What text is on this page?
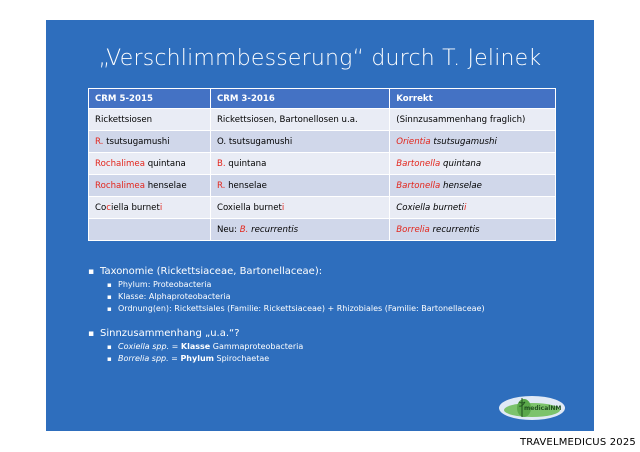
„Verschlimmbesserung“ durch T. Jelinek
CRM 5-2015	CRM 3-2016	Korrekt
Rickettsiosen	Rickettsiosen, Bartonellosen u.a.	(Sinnzusammenhang fraglich)
R. tsutsugamushi	O. tsutsugamushi	Orientia tsutsugamushi
Rochalimea quintana	B. quintana	Bartonella quintana
Rochalimea henselae	R. henselae	Bartonella henselae
Cociella burneti	Coxiella burneti	Coxiella burnetii
	Neu: B. recurrentis	Borrelia recurrentis
▪ Taxonomie (Rickettsiaceae, Bartonellaceae):
▪ Phylum: Proteobacteria
▪ Klasse: Alphaproteobacteria
▪ Ordnung(en): Rickettsiales (Familie: Rickettsiaceae) + Rhizobiales (Familie: Bartonellaceae)
▪ Sinnzusammenhang „u.a.“?
▪ Coxiella spp. = Klasse Gammaproteobacteria
▪ Borrelia spp. = Phylum Spirochaetae
medicalNM
TRAVELMEDICUS 2025
